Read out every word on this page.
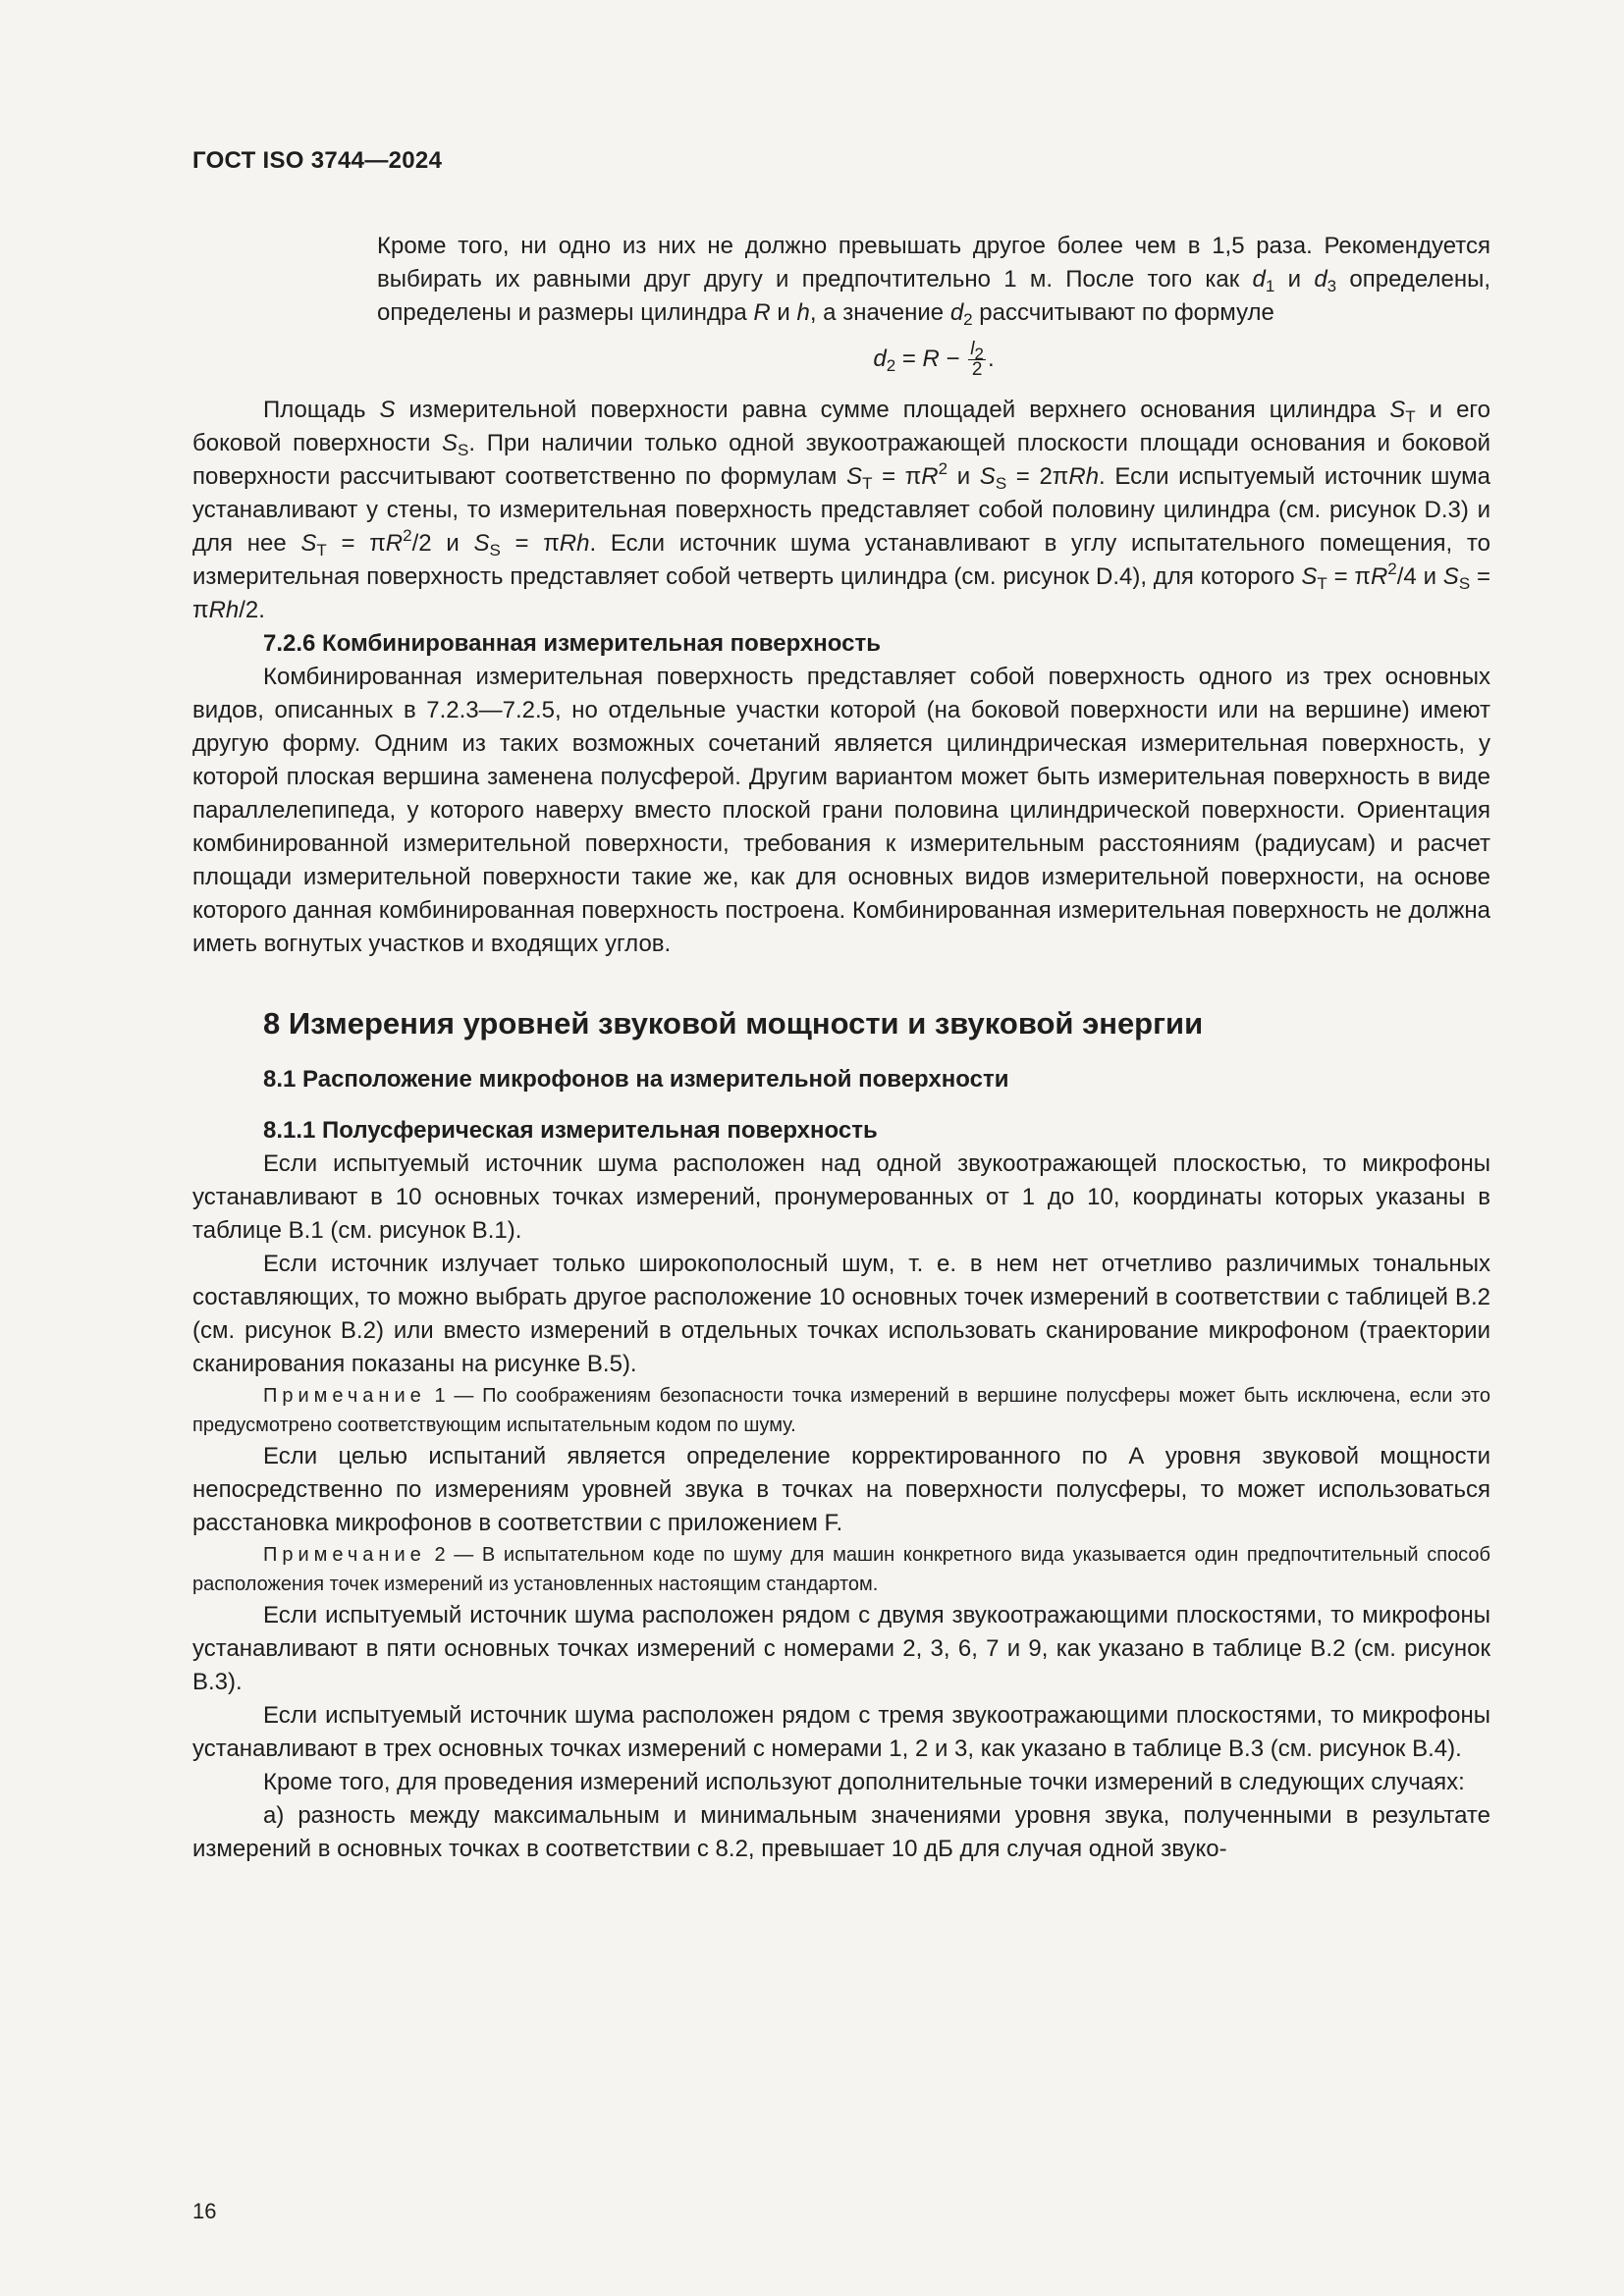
ГОСТ ISO 3744—2024

Кроме того, ни одно из них не должно превышать другое более чем в 1,5 раза. Рекомендуется выбирать их равными друг другу и предпочтительно 1 м. После того как $d_1$ и $d_3$ определены, определены и размеры цилиндра R и h, а значение $d_2$ рассчитывают по формуле

$d_2 = R - \frac{l2}{2}$ .

Площадь S измерительной поверхности равна сумме площадей верхнего основания цилиндра $S_T$ и его боковой поверхности $S_S$. При наличии только одной звукоотражающей плоскости площади основания и боковой поверхности рассчитывают соответственно по формулам $S_T = \pi R^2$ и $S_S = 2\pi Rh$. Если испытуемый источник шума устанавливают у стены, то измерительная поверхность представляет собой половину цилиндра (см. рисунок D.3) и для нее $S_T = \pi R^2/2$ и $S_S = \pi Rh$. Если источник шума устанавливают в углу испытательного помещения, то измерительная поверхность представляет собой четверть цилиндра (см. рисунок D.4), для которого $S_T = \pi R^2/4$ и $S_S = \pi Rh/2$.

7.2.6 Комбинированная измерительная поверхность

Комбинированная измерительная поверхность представляет собой поверхность одного из трех основных видов, описанных в 7.2.3—7.2.5, но отдельные участки которой (на боковой поверхности или на вершине) имеют другую форму. Одним из таких возможных сочетаний является цилиндрическая измерительная поверхность, у которой плоская вершина заменена полусферой. Другим вариантом может быть измерительная поверхность в виде параллелепипеда, у которого наверху вместо плоской грани половина цилиндрической поверхности. Ориентация комбинированной измерительной поверхности, требования к измерительным расстояниям (радиусам) и расчет площади измерительной поверхности такие же, как для основных видов измерительной поверхности, на основе которого данная комбинированная поверхность построена. Комбинированная измерительная поверхность не должна иметь вогнутых участков и входящих углов.

8 Измерения уровней звуковой мощности и звуковой энергии
8.1 Расположение микрофонов на измерительной поверхности

8.1.1 Полусферическая измерительная поверхность

Если испытуемый источник шума расположен над одной звукоотражающей плоскостью, то микрофоны устанавливают в 10 основных точках измерений, пронумерованных от 1 до 10, координаты которых указаны в таблице В.1 (см. рисунок В.1).

Если источник излучает только широкополосный шум, т. е. в нем нет отчетливо различимых тональных составляющих, то можно выбрать другое расположение 10 основных точек измерений в соответствии с таблицей В.2 (см. рисунок В.2) или вместо измерений в отдельных точках использовать сканирование микрофоном (траектории сканирования показаны на рисунке В.5).

Примечание 1 — По соображениям безопасности точка измерений в вершине полусферы может быть исключена, если это предусмотрено соответствующим испытательным кодом по шуму.

Если целью испытаний является определение корректированного по А уровня звуковой мощности непосредственно по измерениям уровней звука в точках на поверхности полусферы, то может использоваться расстановка микрофонов в соответствии с приложением F.

Примечание 2 — В испытательном коде по шуму для машин конкретного вида указывается один предпочтительный способ расположения точек измерений из установленных настоящим стандартом.

Если испытуемый источник шума расположен рядом с двумя звукоотражающими плоскостями, то микрофоны устанавливают в пяти основных точках измерений с номерами 2, 3, 6, 7 и 9, как указано в таблице В.2 (см. рисунок В.3).

Если испытуемый источник шума расположен рядом с тремя звукоотражающими плоскостями, то микрофоны устанавливают в трех основных точках измерений с номерами 1, 2 и 3, как указано в таблице В.3 (см. рисунок В.4).

Кроме того, для проведения измерений используют дополнительные точки измерений в следующих случаях:

а) разность между максимальным и минимальным значениями уровня звука, полученными в результате измерений в основных точках в соответствии с 8.2, превышает 10 дБ для случая одной звуко-

16
